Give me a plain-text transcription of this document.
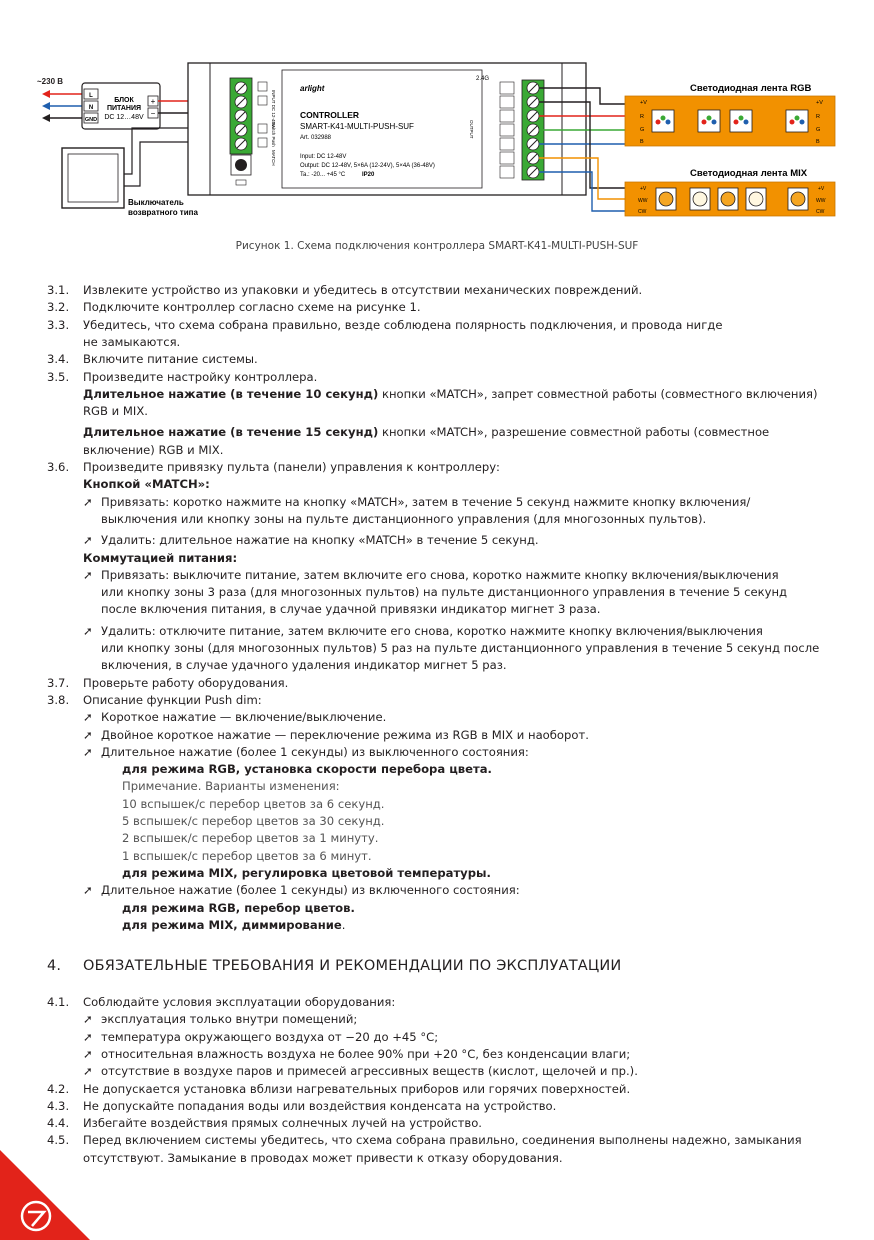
~230 В
L
N
GND
БЛОК
ПИТАНИЯ
DC 12…48V
+
−
Выключатель
возвратного типа
INPUT DC 12-48V
Switch Push
MATCH
arlight
CONTROLLER
SMART-K41-MULTI-PUSH-SUF
Art. 032988
Input: DC 12-48V
Output: DC 12-48V, 5×6A (12-24V), 5×4A (36-48V)
Ta.: -20... +45 °C	IP20
2.4G
OUTPUT
Светодиодная лента RGB
+V
R
G
B
+V
R
G
B
Светодиодная лента MIX
+V
WW
CW
+V
WW
CW
Рисунок 1. Схема подключения контроллера SMART-K41-MULTI-PUSH-SUF
3.1. Извлеките устройство из упаковки и убедитесь в отсутствии механических повреждений.
3.2. Подключите контроллер согласно схеме на рисунке 1.
3.3. Убедитесь, что схема собрана правильно, везде соблюдена полярность подключения, и провода нигде
не замыкаются.
3.4. Включите питание системы.
3.5. Произведите настройку контроллера.
Длительное нажатие (в течение 10 секунд) кнопки «MATCH», запрет совместной работы (совместного включения)
RGB и MIX.
Длительное нажатие (в течение 15 секунд) кнопки «MATCH», разрешение совместной работы (совместное
включение) RGB и MIX.
3.6. Произведите привязку пульта (панели) управления к контроллеру:
Кнопкой «MATCH»:
➚ Привязать: коротко нажмите на кнопку «MATCH», затем в течение 5 секунд нажмите кнопку включения/
выключения или кнопку зоны на пульте дистанционного управления (для многозонных пультов).
➚ Удалить: длительное нажатие на кнопку «MATCH» в течение 5 секунд.
Коммутацией питания:
➚ Привязать: выключите питание, затем включите его снова, коротко нажмите кнопку включения/выключения
или кнопку зоны 3 раза (для многозонных пультов) на пульте дистанционного управления в течение 5 секунд
после включения питания, в случае удачной привязки индикатор мигнет 3 раза.
➚ Удалить: отключите питание, затем включите его снова, коротко нажмите кнопку включения/выключения
или кнопку зоны (для многозонных пультов) 5 раз на пульте дистанционного управления в течение 5 секунд после
включения, в случае удачного удаления индикатор мигнет 5 раз.
3.7. Проверьте работу оборудования.
3.8. Описание функции Push dim:
➚ Короткое нажатие — включение/выключение.
➚ Двойное короткое нажатие — переключение режима из RGB в MIX и наоборот.
➚ Длительное нажатие (более 1 секунды) из выключенного состояния:
для режима RGB, установка скорости перебора цвета.
Примечание. Варианты изменения:
10 вспышек/с перебор цветов за 6 секунд.
5 вспышек/с перебор цветов за 30 секунд.
2 вспышек/с перебор цветов за 1 минуту.
1 вспышек/с перебор цветов за 6 минут.
для режима MIX, регулировка цветовой температуры.
➚ Длительное нажатие (более 1 секунды) из включенного состояния:
для режима RGB, перебор цветов.
для режима MIX, диммирование.
4. ОБЯЗАТЕЛЬНЫЕ ТРЕБОВАНИЯ И РЕКОМЕНДАЦИИ ПО ЭКСПЛУАТАЦИИ
4.1. Соблюдайте условия эксплуатации оборудования:
➚ эксплуатация только внутри помещений;
➚ температура окружающего воздуха от −20 до +45 °C;
➚ относительная влажность воздуха не более 90% при +20 °C, без конденсации влаги;
➚ отсутствие в воздухе паров и примесей агрессивных веществ (кислот, щелочей и пр.).
4.2. Не допускается установка вблизи нагревательных приборов или горячих поверхностей.
4.3. Не допускайте попадания воды или воздействия конденсата на устройство.
4.4. Избегайте воздействия прямых солнечных лучей на устройство.
4.5. Перед включением системы убедитесь, что схема собрана правильно, соединения выполнены надежно, замыкания
отсутствуют. Замыкание в проводах может привести к отказу оборудования.
